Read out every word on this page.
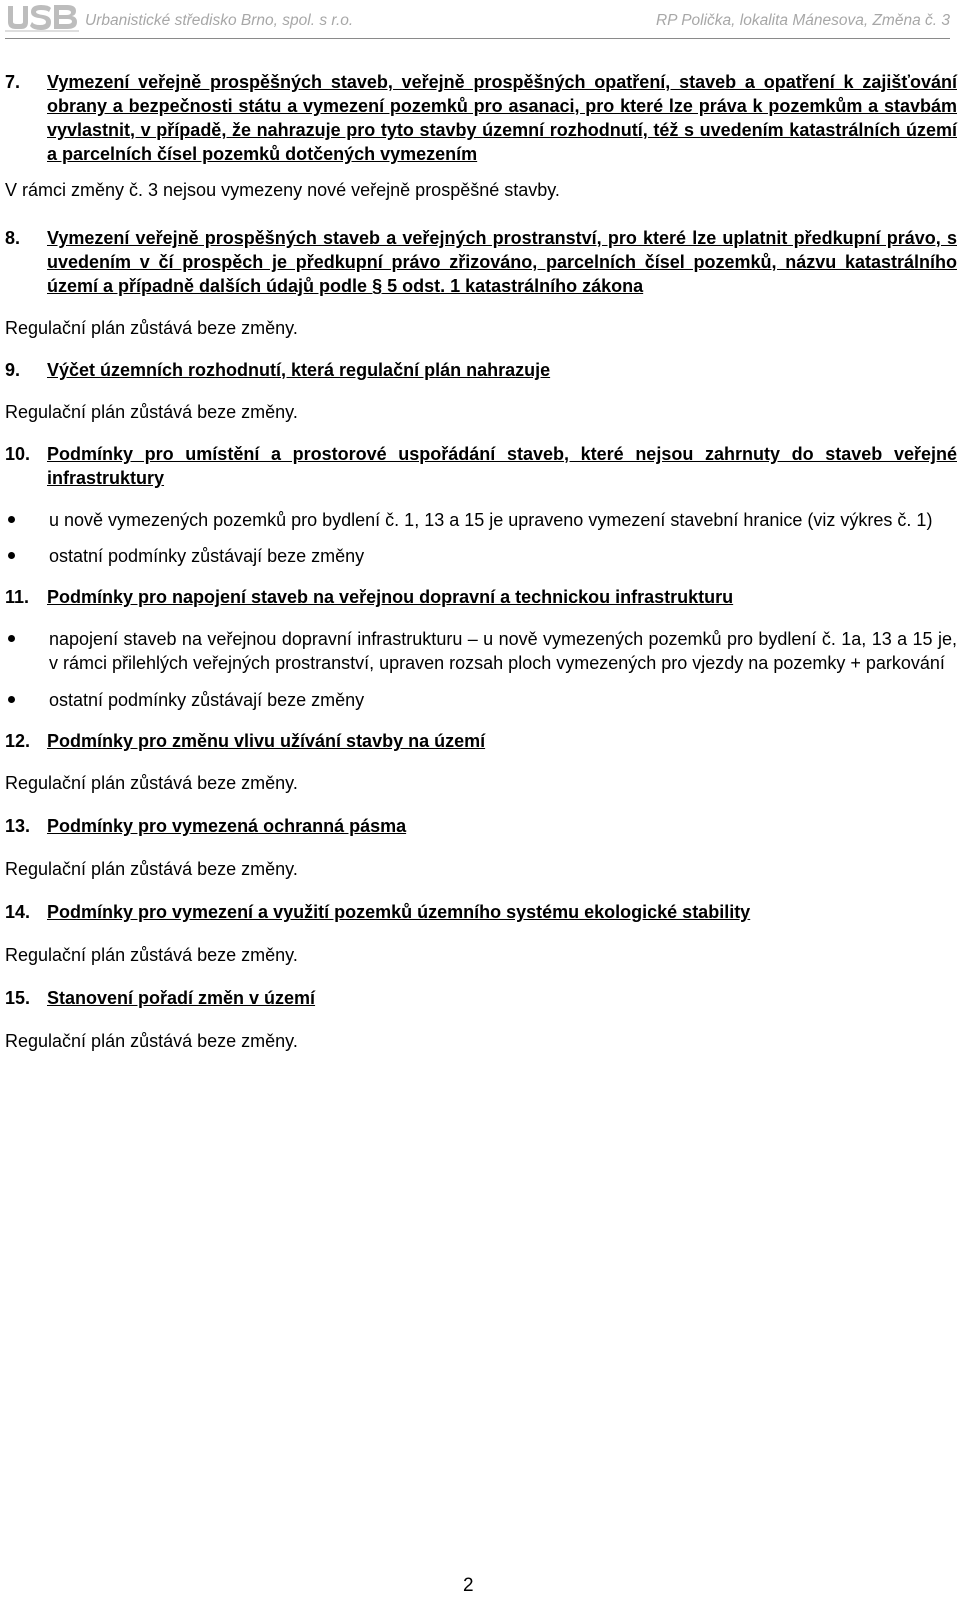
Urbanistické středisko Brno, spol. s r.o.	RP Polička, lokalita Mánesova, Změna č. 3

7. Vymezení veřejně prospěšných staveb, veřejně prospěšných opatření, staveb a opatření k zajišťování obrany a bezpečnosti státu a vymezení pozemků pro asanaci, pro které lze práva k pozemkům a stavbám vyvlastnit, v případě, že nahrazuje pro tyto stavby územní rozhodnutí, též s uvedením katastrálních území a parcelních čísel pozemků dotčených vymezením

V rámci změny č. 3 nejsou vymezeny nové veřejně prospěšné stavby.

8. Vymezení veřejně prospěšných staveb a veřejných prostranství, pro které lze uplatnit předkupní právo, s uvedením v čí prospěch je předkupní právo zřizováno, parcelních čísel pozemků, názvu katastrálního území a případně dalších údajů podle § 5 odst. 1 katastrálního zákona

Regulační plán zůstává beze změny.

9. Výčet územních rozhodnutí, která regulační plán nahrazuje

Regulační plán zůstává beze změny.

10. Podmínky pro umístění a prostorové uspořádání staveb, které nejsou zahrnuty do staveb veřejné infrastruktury

u nově vymezených pozemků pro bydlení č. 1, 13 a 15 je upraveno vymezení stavební hranice (viz výkres č. 1)
ostatní podmínky zůstávají beze změny

11. Podmínky pro napojení staveb na veřejnou dopravní a technickou infrastrukturu

napojení staveb na veřejnou dopravní infrastrukturu – u nově vymezených pozemků pro bydlení č. 1a, 13 a 15 je, v rámci přilehlých veřejných prostranství, upraven rozsah ploch vymezených pro vjezdy na pozemky + parkování
ostatní podmínky zůstávají beze změny

12. Podmínky pro změnu vlivu užívání stavby na území

Regulační plán zůstává beze změny.

13. Podmínky pro vymezená ochranná pásma

Regulační plán zůstává beze změny.

14. Podmínky pro vymezení a využití pozemků územního systému ekologické stability

Regulační plán zůstává beze změny.

15. Stanovení pořadí změn v území

Regulační plán zůstává beze změny.

2
